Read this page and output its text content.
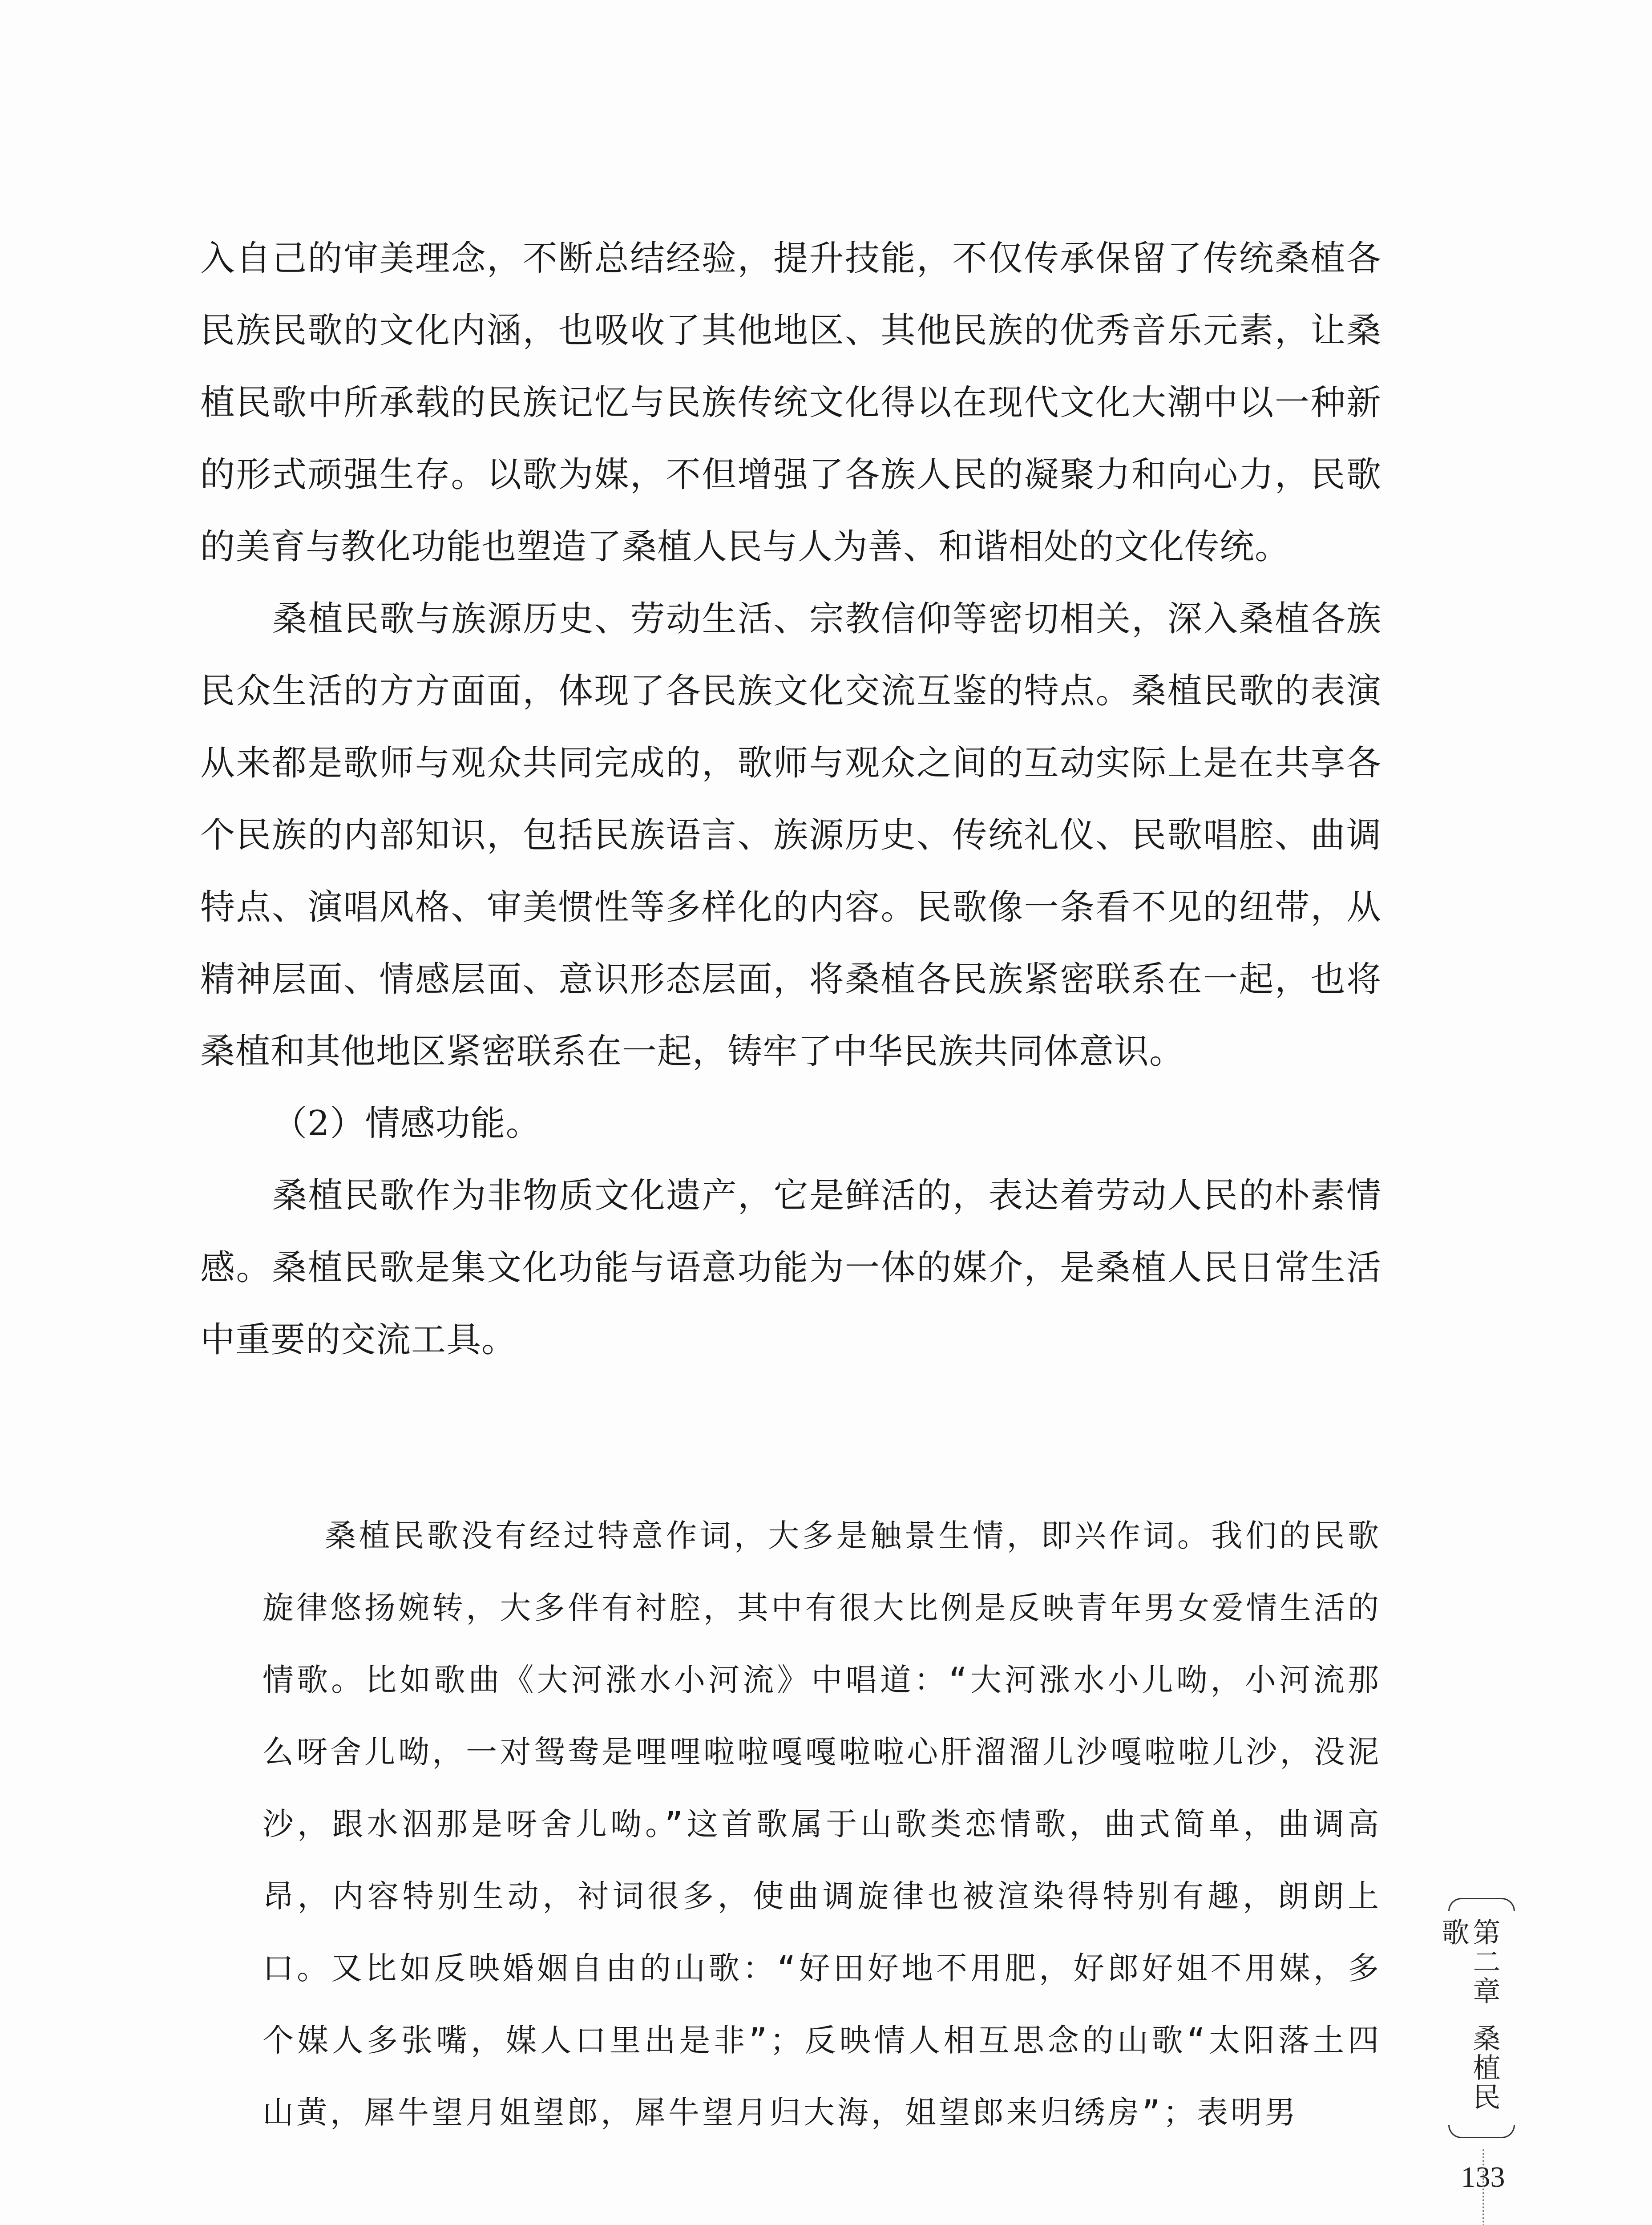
入自己的审美理念，不断总结经验，提升技能，不仅传承保留了传统桑植各民族民歌的文化内涵，也吸收了其他地区、其他民族的优秀音乐元素，让桑植民歌中所承载的民族记忆与民族传统文化得以在现代文化大潮中以一种新的形式顽强生存。以歌为媒，不但增强了各族人民的凝聚力和向心力，民歌的美育与教化功能也塑造了桑植人民与人为善、和谐相处的文化传统。

桑植民歌与族源历史、劳动生活、宗教信仰等密切相关，深入桑植各族民众生活的方方面面，体现了各民族文化交流互鉴的特点。桑植民歌的表演从来都是歌师与观众共同完成的，歌师与观众之间的互动实际上是在共享各个民族的内部知识，包括民族语言、族源历史、传统礼仪、民歌唱腔、曲调特点、演唱风格、审美惯性等多样化的内容。民歌像一条看不见的纽带，从精神层面、情感层面、意识形态层面，将桑植各民族紧密联系在一起，也将桑植和其他地区紧密联系在一起，铸牢了中华民族共同体意识。

（2）情感功能。

桑植民歌作为非物质文化遗产，它是鲜活的，表达着劳动人民的朴素情感。桑植民歌是集文化功能与语意功能为一体的媒介，是桑植人民日常生活中重要的交流工具。

桑植民歌没有经过特意作词，大多是触景生情，即兴作词。我们的民歌旋律悠扬婉转，大多伴有衬腔，其中有很大比例是反映青年男女爱情生活的情歌。比如歌曲《大河涨水小河流》中唱道：“大河涨水小儿呦，小河流那么呀舍儿呦，一对鸳鸯是哩哩啦啦嘎嘎啦啦心肝溜溜儿沙嘎啦啦儿沙，没泥沙，跟水泅那是呀舍儿呦。”这首歌属于山歌类恋情歌，曲式简单，曲调高昂，内容特别生动，衬词很多，使曲调旋律也被渲染得特别有趣，朗朗上口。又比如反映婚姻自由的山歌：“好田好地不用肥，好郎好姐不用媒，多个媒人多张嘴，媒人口里出是非”；反映情人相互思念的山歌“太阳落土四山黄，犀牛望月姐望郎，犀牛望月归大海，姐望郎来归绣房”；表明男

第二章桑植民歌
133
